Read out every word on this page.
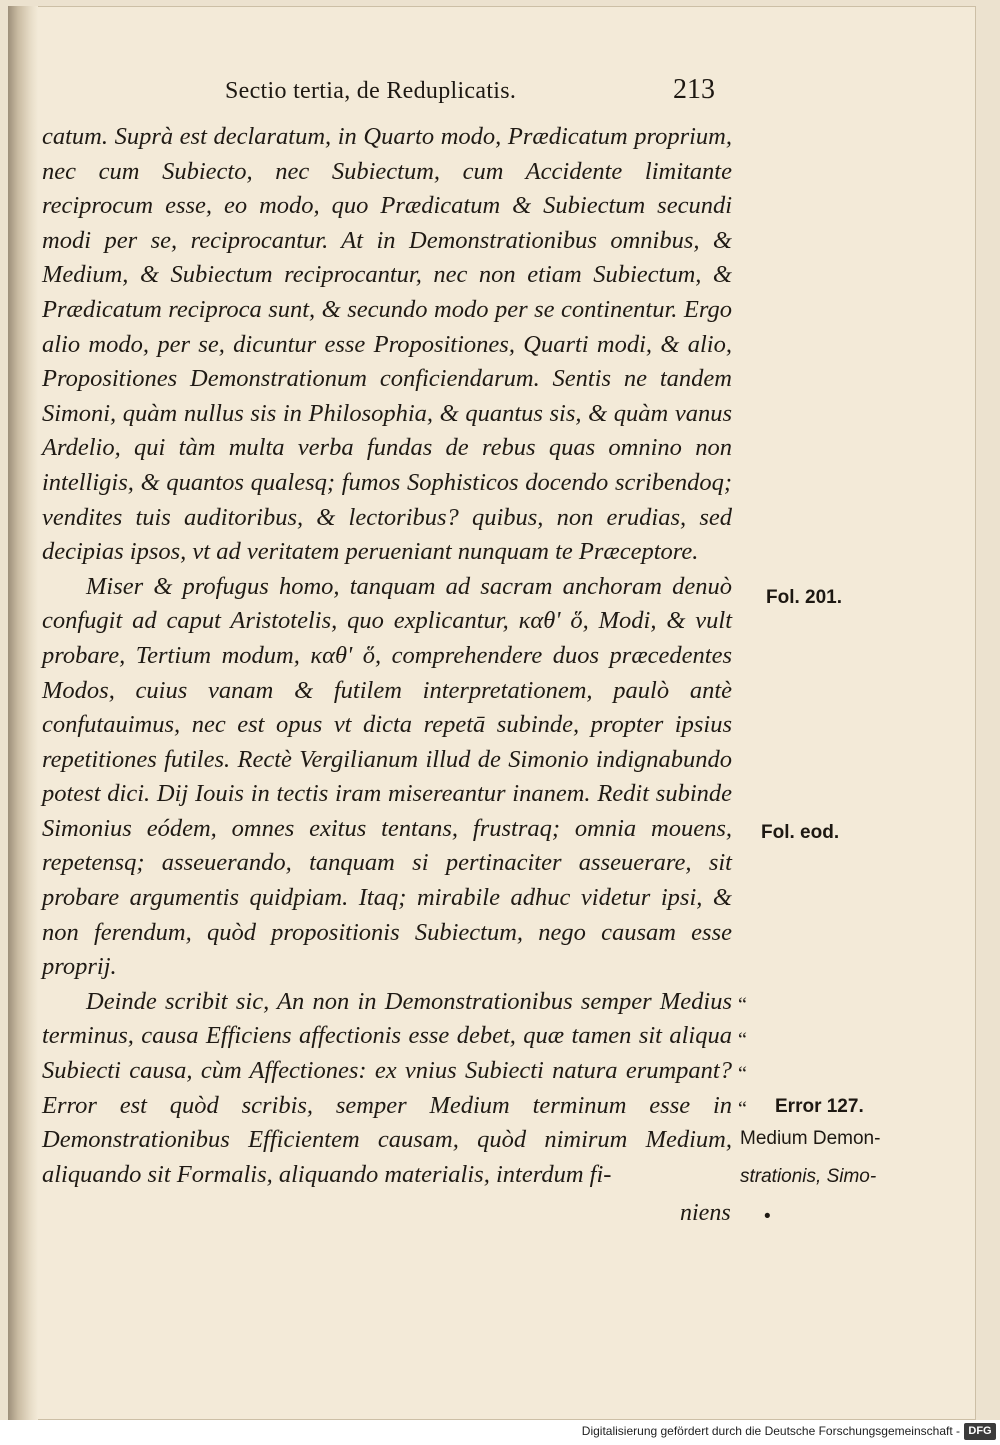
Sectio tertia, de Reduplicatis.	213

catum. Suprà est declaratum, in Quarto modo, Prædicatum proprium, nec cum Subiecto, nec Subiectum, cum Accidente limitante reciprocum esse, eo modo, quo Prædicatum & Subiectum secundi modi per se, reciprocantur. At in Demonstrationibus omnibus, & Medium, & Subiectum reciprocantur, nec non etiam Subiectum, & Prædicatum reciproca sunt, & secundo modo per se continentur. Ergo alio modo, per se, dicuntur esse Propositiones, Quarti modi, & alio, Propositiones Demonstrationum conficiendarum. Sentis ne tandem Simoni, quàm nullus sis in Philosophia, & quantus sis, & quàm vanus Ardelio, qui tàm multa verba fundas de rebus quas omnino non intelligis, & quantos qualesq; fumos Sophisticos docendo scribendoq; vendites tuis auditoribus, & lectoribus? quibus, non erudias, sed decipias ipsos, vt ad veritatem perueniant nunquam te Præceptore.

Miser & profugus homo, tanquam ad sacram anchoram denuò confugit ad caput Aristotelis, quo explicantur, καθ' ὅ, Modi, & vult probare, Tertium modum, καθ' ὅ, comprehendere duos præcedentes Modos, cuius vanam & futilem interpretationem, paulò antè confutauimus, nec est opus vt dicta repetā subinde, propter ipsius repetitiones futiles. Rectè Vergilianum illud de Simonio indignabundo potest dici. Dij Iouis in tectis iram misereantur inanem. Redit subinde Simonius eódem, omnes exitus tentans, frustraq; omnia mouens, repetensq; asseuerando, tanquam si pertinaciter asseuerare, sit probare argumentis quidpiam. Itaq; mirabile adhuc videtur ipsi, & non ferendum, quòd propositionis Subiectum, nego causam esse proprij.

Deinde scribit sic, An non in Demonstrationibus semper Medius terminus, causa Efficiens affectionis esse debet, quæ tamen sit aliqua Subiecti causa, cùm Affectiones: ex vnius Subiecti natura erumpant? Error est quòd scribis, semper Medium terminum esse in Demonstrationibus Efficientem causam, quòd nimirum Medium, aliquando sit Formalis, aliquando materialis, interdum fi-

niens
Fol. 201.
Fol. eod.
“
“
“
“	Error 127.
Medium Demon-
strationis, Simo-
•
Digitalisierung gefördert durch die Deutsche Forschungsgemeinschaft - DFG
